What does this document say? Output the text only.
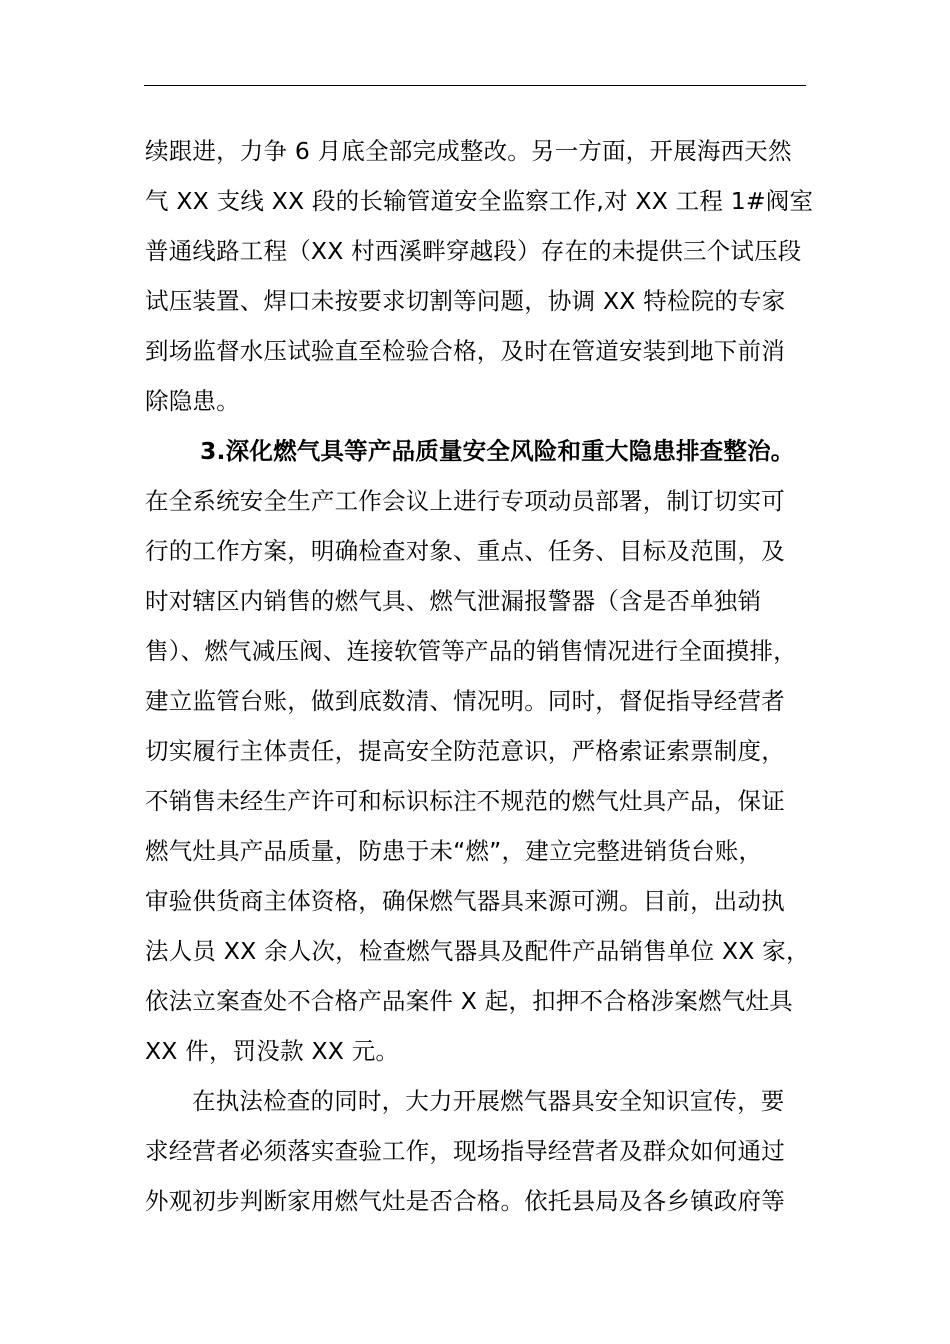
续跟进，力争 6 月底全部完成整改。另一方面，开展海西天然
气 XX 支线 XX 段的长输管道安全监察工作,对 XX 工程 1#阀室
普通线路工程（XX 村西溪畔穿越段）存在的未提供三个试压段
试压装置、焊口未按要求切割等问题，协调 XX 特检院的专家
到场监督水压试验直至检验合格，及时在管道安装到地下前消
除隐患。
3.深化燃气具等产品质量安全风险和重大隐患排查整治。
在全系统安全生产工作会议上进行专项动员部署，制订切实可
行的工作方案，明确检查对象、重点、任务、目标及范围，及
时对辖区内销售的燃气具、燃气泄漏报警器（含是否单独销
售）、燃气减压阀、连接软管等产品的销售情况进行全面摸排，
建立监管台账，做到底数清、情况明。同时，督促指导经营者
切实履行主体责任，提高安全防范意识，严格索证索票制度，
不销售未经生产许可和标识标注不规范的燃气灶具产品，保证
燃气灶具产品质量，防患于未“燃”，建立完整进销货台账，
审验供货商主体资格，确保燃气器具来源可溯。目前，出动执
法人员 XX 余人次，检查燃气器具及配件产品销售单位 XX 家，
依法立案查处不合格产品案件 X 起，扣押不合格涉案燃气灶具
XX 件，罚没款 XX 元。
在执法检查的同时，大力开展燃气器具安全知识宣传，要
求经营者必须落实查验工作，现场指导经营者及群众如何通过
外观初步判断家用燃气灶是否合格。依托县局及各乡镇政府等
